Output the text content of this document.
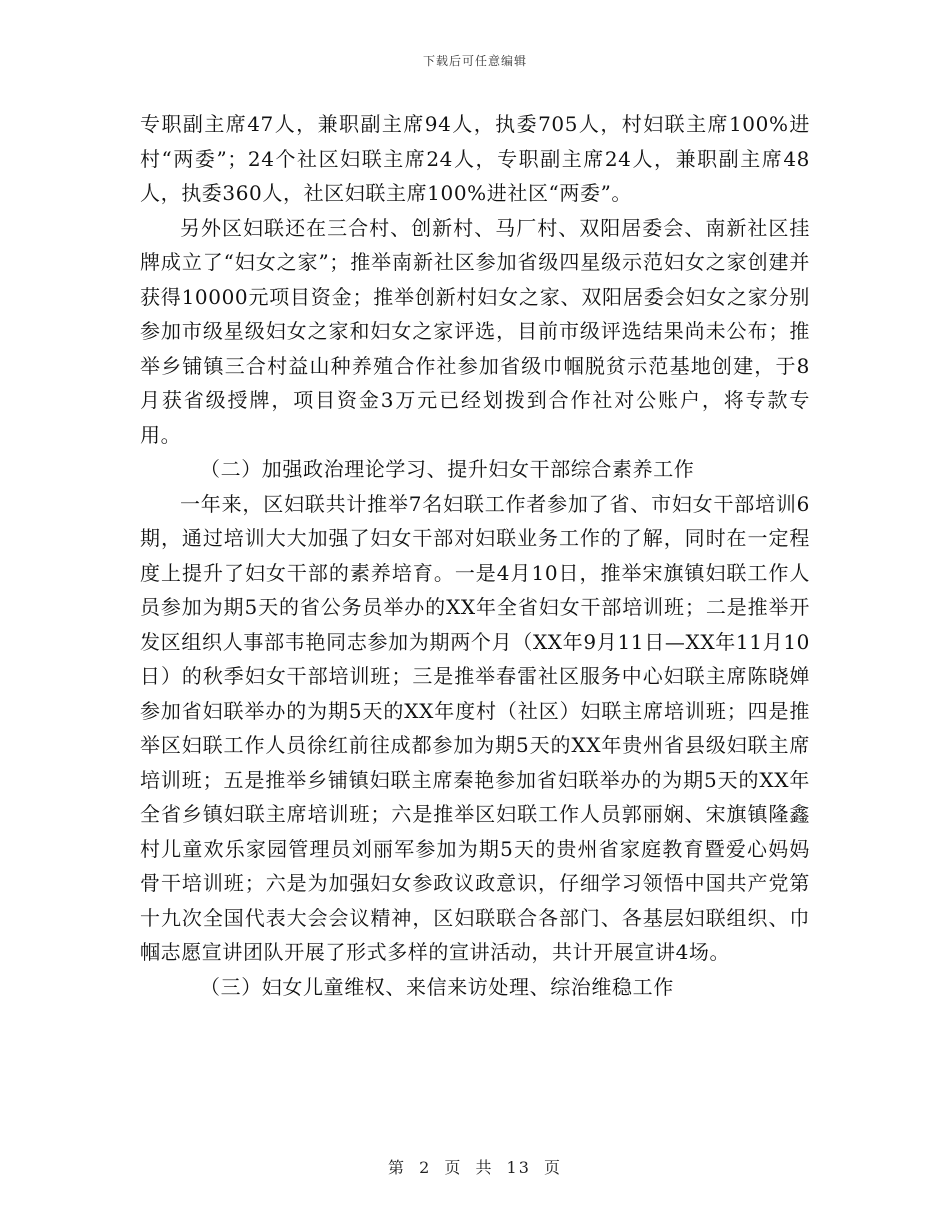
下载后可任意编辑

专职副主席47人，兼职副主席94人，执委705人，村妇联主席100%进村“两委”；24个社区妇联主席24人，专职副主席24人，兼职副主席48人，执委360人，社区妇联主席100%进社区“两委”。

另外区妇联还在三合村、创新村、马厂村、双阳居委会、南新社区挂牌成立了“妇女之家”；推举南新社区参加省级四星级示范妇女之家创建并获得10000元项目资金；推举创新村妇女之家、双阳居委会妇女之家分别参加市级星级妇女之家和妇女之家评选，目前市级评选结果尚未公布；推举乡铺镇三合村益山种养殖合作社参加省级巾帼脱贫示范基地创建，于8月获省级授牌，项目资金3万元已经划拨到合作社对公账户，将专款专用。

（二）加强政治理论学习、提升妇女干部综合素养工作

一年来，区妇联共计推举7名妇联工作者参加了省、市妇女干部培训6期，通过培训大大加强了妇女干部对妇联业务工作的了解，同时在一定程度上提升了妇女干部的素养培育。一是4月10日，推举宋旗镇妇联工作人员参加为期5天的省公务员举办的XX年全省妇女干部培训班；二是推举开发区组织人事部韦艳同志参加为期两个月（XX年9月11日—XX年11月10日）的秋季妇女干部培训班；三是推举春雷社区服务中心妇联主席陈晓婵参加省妇联举办的为期5天的XX年度村（社区）妇联主席培训班；四是推举区妇联工作人员徐红前往成都参加为期5天的XX年贵州省县级妇联主席培训班；五是推举乡铺镇妇联主席秦艳参加省妇联举办的为期5天的XX年全省乡镇妇联主席培训班；六是推举区妇联工作人员郭丽娴、宋旗镇隆鑫村儿童欢乐家园管理员刘丽军参加为期5天的贵州省家庭教育暨爱心妈妈骨干培训班；六是为加强妇女参政议政意识，仔细学习领悟中国共产党第十九次全国代表大会会议精神，区妇联联合各部门、各基层妇联组织、巾帼志愿宣讲团队开展了形式多样的宣讲活动，共计开展宣讲4场。

（三）妇女儿童维权、来信来访处理、综治维稳工作

第 2 页 共 13 页
